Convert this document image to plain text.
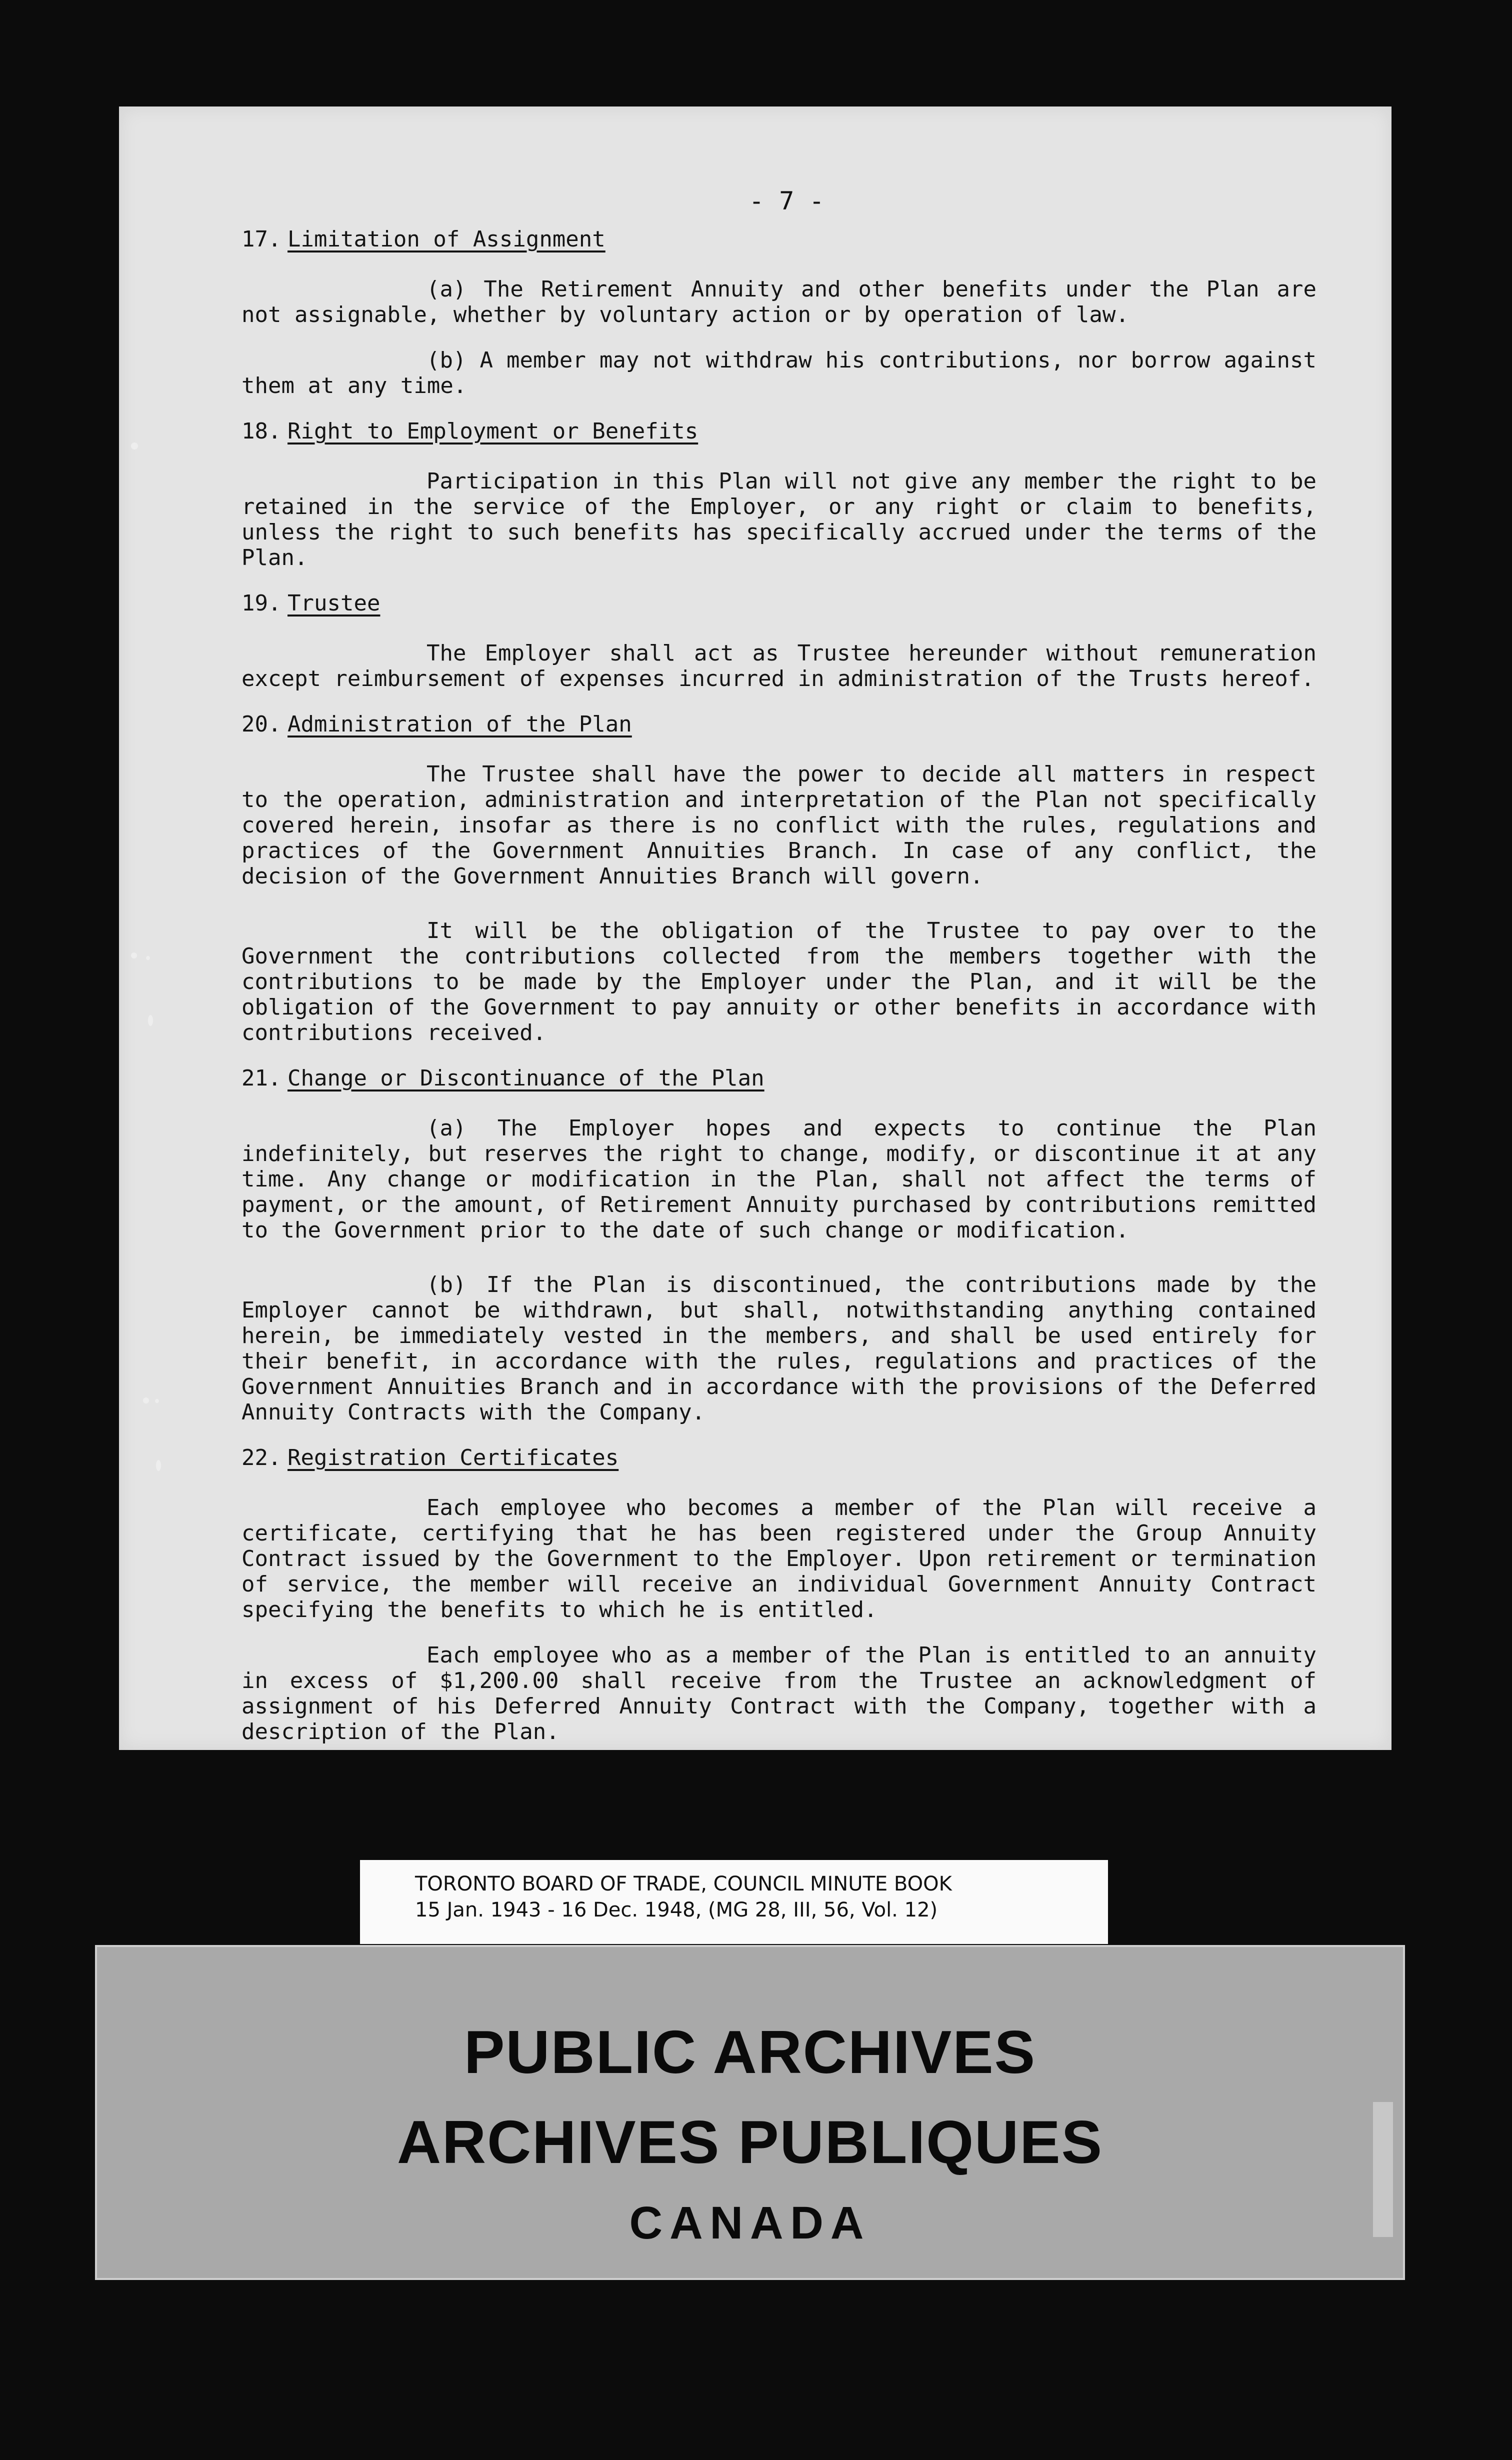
- 7 -
17. Limitation of Assignment

(a) The Retirement Annuity and other benefits under the Plan are not assignable, whether by voluntary action or by operation of law.

(b) A member may not withdraw his contributions, nor borrow against them at any time.

18. Right to Employment or Benefits

Participation in this Plan will not give any member the right to be retained in the service of the Employer, or any right or claim to benefits, unless the right to such benefits has specifically accrued under the terms of the Plan.

19. Trustee

The Employer shall act as Trustee hereunder without remuneration except reimbursement of expenses incurred in administration of the Trusts hereof.

20. Administration of the Plan

The Trustee shall have the power to decide all matters in respect to the operation, administration and interpretation of the Plan not specifically covered herein, insofar as there is no conflict with the rules, regulations and practices of the Government Annuities Branch. In case of any conflict, the decision of the Government Annuities Branch will govern.

It will be the obligation of the Trustee to pay over to the Government the contributions collected from the members together with the contributions to be made by the Employer under the Plan, and it will be the obligation of the Government to pay annuity or other benefits in accordance with contributions received.

21. Change or Discontinuance of the Plan

(a) The Employer hopes and expects to continue the Plan indefinitely, but reserves the right to change, modify, or discontinue it at any time. Any change or modification in the Plan, shall not affect the terms of payment, or the amount, of Retirement Annuity purchased by contributions remitted to the Government prior to the date of such change or modification.

(b) If the Plan is discontinued, the contributions made by the Employer cannot be withdrawn, but shall, notwithstanding anything contained herein, be immediately vested in the members, and shall be used entirely for their benefit, in accordance with the rules, regulations and practices of the Government Annuities Branch and in accordance with the provisions of the Deferred Annuity Contracts with the Company.

22. Registration Certificates

Each employee who becomes a member of the Plan will receive a certificate, certifying that he has been registered under the Group Annuity Contract issued by the Government to the Employer. Upon retirement or termination of service, the member will receive an individual Government Annuity Contract specifying the benefits to which he is entitled.

Each employee who as a member of the Plan is entitled to an annuity in excess of $1,200.00 shall receive from the Trustee an acknowledgment of assignment of his Deferred Annuity Contract with the Company, together with a description of the Plan.

TORONTO BOARD OF TRADE, COUNCIL MINUTE BOOK
15 Jan. 1943 - 16 Dec. 1948, (MG 28, III, 56, Vol. 12)
PUBLIC ARCHIVES
ARCHIVES PUBLIQUES
CANADA
